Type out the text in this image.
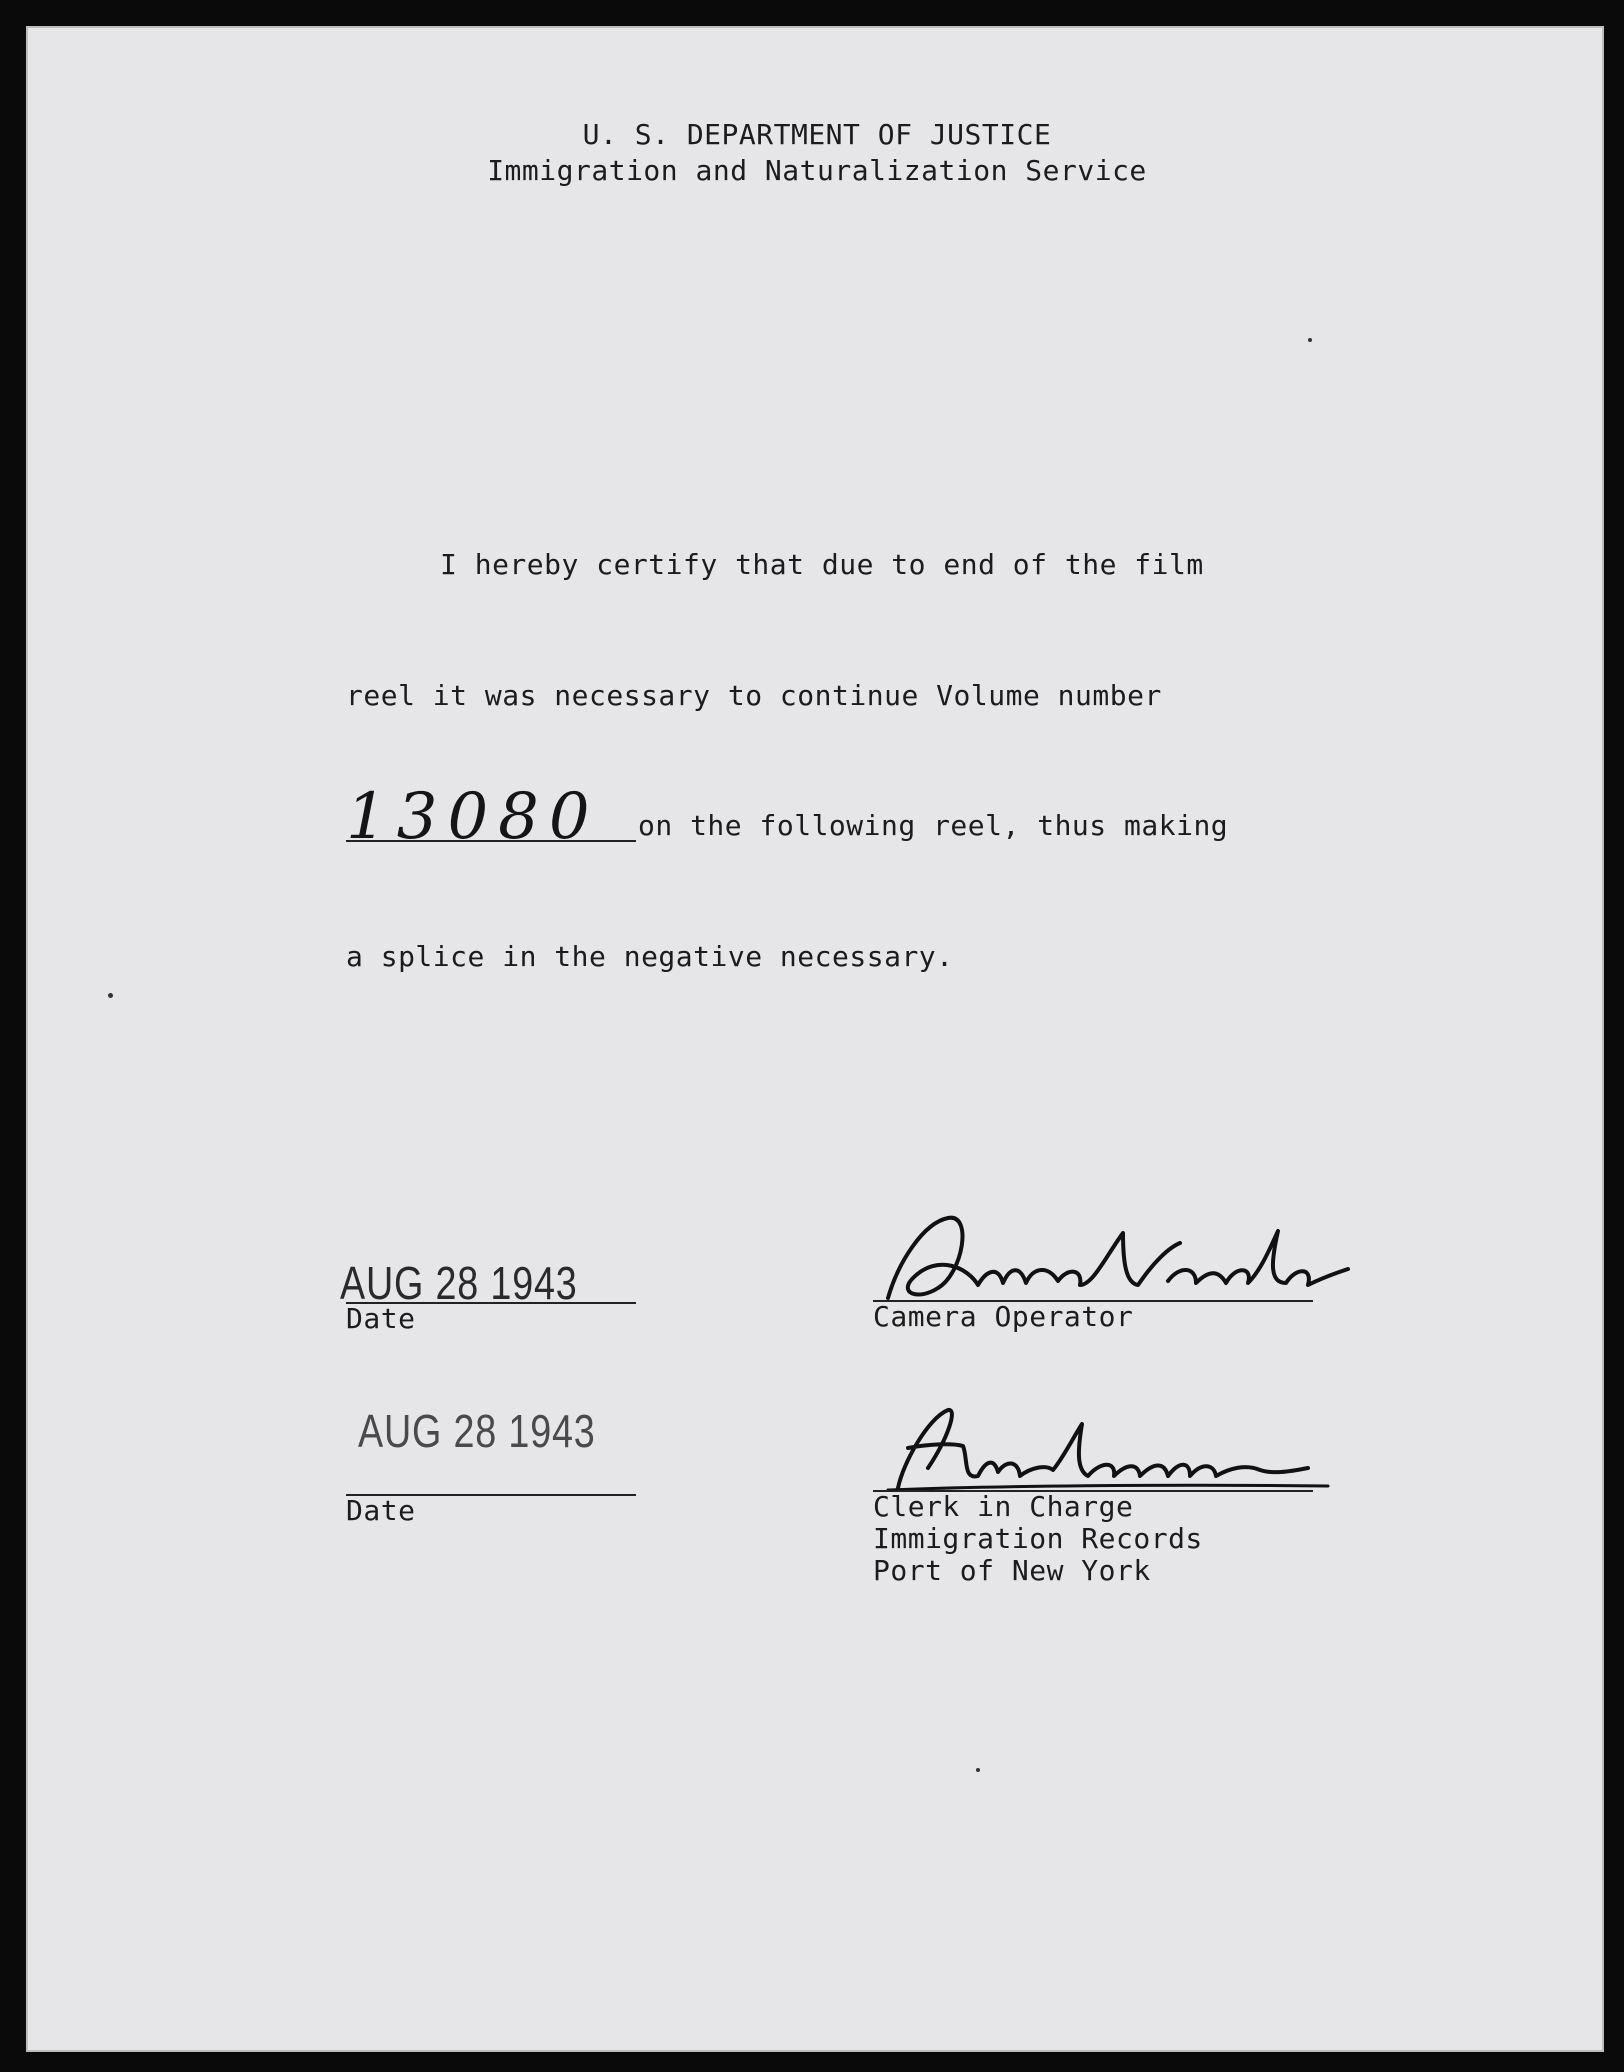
U. S. DEPARTMENT OF JUSTICE
Immigration and Naturalization Service
I hereby certify that due to end of the film
reel it was necessary to continue Volume number
13080 on the following reel, thus making
a splice in the negative necessary.
AUG 28 1943
Date	Camera Operator
AUG 28 1943
Date	Clerk in Charge
Immigration Records
Port of New York
